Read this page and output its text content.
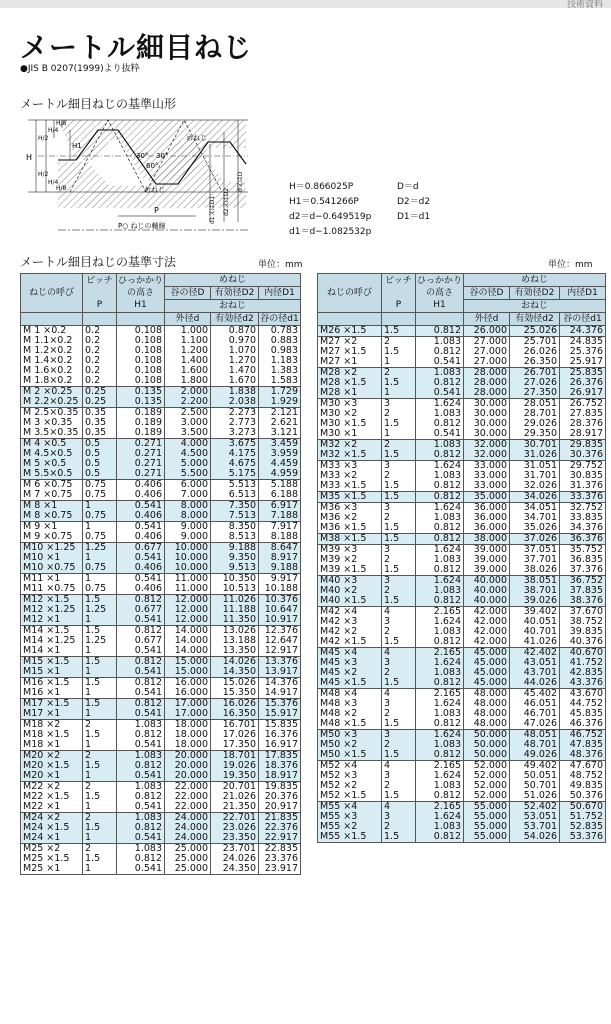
技術資料
メートル細目ねじ
●JIS B 0207(1999)より抜粋
メートル細目ねじの基準山形
H
H/2
H/2
H/4
H/8
H1
H/4
H/8
30° 30°
60°
めねじ
おねじ
P
P○ ねじの軸線
d1又はD1 d2又はD2
d又はD	H＝0.866025P	D＝d
H1＝0.541266P	D2＝d2
d2＝d−0.649519p	D1＝d1
d1＝d−1.082532p
メートル細目ねじの基準寸法	単位：mm	単位：mm
ねじの呼び	ピッチ

P	ひっかかり
の高さ
H1	めねじ		
			谷の径D	有効径D2	内径D1
			おねじ		
			外径d	有効径d2	谷の径d1
M 1 ×0.2	0.2	0.108	1.000	0.870	0.783
M 1.1×0.2	0.2	0.108	1.100	0.970	0.883
M 1.2×0.2	0.2	0.108	1.200	1.070	0.983
M 1.4×0.2	0.2	0.108	1.400	1.270	1.183
M 1.6×0.2	0.2	0.108	1.600	1.470	1.383
M 1.8×0.2	0.2	0.108	1.800	1.670	1.583
M 2 ×0.25	0.25	0.135	2.000	1.838	1.729
M 2.2×0.25	0.25	0.135	2.200	2.038	1.929
M 2.5×0.35	0.35	0.189	2.500	2.273	2.121
M 3 ×0.35	0.35	0.189	3.000	2.773	2.621
M 3.5×0.35	0.35	0.189	3.500	3.273	3.121
M 4 ×0.5	0.5	0.271	4.000	3.675	3.459
M 4.5×0.5	0.5	0.271	4.500	4.175	3.959
M 5 ×0.5	0.5	0.271	5.000	4.675	4.459
M 5.5×0.5	0.5	0.271	5.500	5.175	4.959
M 6 ×0.75	0.75	0.406	6.000	5.513	5.188
M 7 ×0.75	0.75	0.406	7.000	6.513	6.188
M 8 ×1	1	0.541	8.000	7.350	6.917
M 8 ×0.75	0.75	0.406	8.000	7.513	7.188
M 9 ×1	1	0.541	9.000	8.350	7.917
M 9 ×0.75	0.75	0.406	9.000	8.513	8.188
M10 ×1.25	1.25	0.677	10.000	9.188	8.647
M10 ×1	1	0.541	10.000	9.350	8.917
M10 ×0.75	0.75	0.406	10.000	9.513	9.188
M11 ×1	1	0.541	11.000	10.350	9.917
M11 ×0.75	0.75	0.406	11.000	10.513	10.188
M12 ×1.5	1.5	0.812	12.000	11.026	10.376
M12 ×1.25	1.25	0.677	12.000	11.188	10.647
M12 ×1	1	0.541	12.000	11.350	10.917
M14 ×1.5	1.5	0.812	14.000	13.026	12.376
M14 ×1.25	1.25	0.677	14.000	13.188	12.647
M14 ×1	1	0.541	14.000	13.350	12.917
M15 ×1.5	1.5	0.812	15.000	14.026	13.376
M15 ×1	1	0.541	15.000	14.350	13.917
M16 ×1.5	1.5	0.812	16.000	15.026	14.376
M16 ×1	1	0.541	16.000	15.350	14.917
M17 ×1.5	1.5	0.812	17.000	16.026	15.376
M17 ×1	1	0.541	17.000	16.350	15.917
M18 ×2	2	1.083	18.000	16.701	15.835
M18 ×1.5	1.5	0.812	18.000	17.026	16.376
M18 ×1	1	0.541	18.000	17.350	16.917
M20 ×2	2	1.083	20.000	18.701	17.835
M20 ×1.5	1.5	0.812	20.000	19.026	18.376
M20 ×1	1	0.541	20.000	19.350	18.917
M22 ×2	2	1.083	22.000	20.701	19.835
M22 ×1.5	1.5	0.812	22.000	21.026	20.376
M22 ×1	1	0.541	22.000	21.350	20.917
M24 ×2	2	1.083	24.000	22.701	21.835
M24 ×1.5	1.5	0.812	24.000	23.026	22.376
M24 ×1	1	0.541	24.000	23.350	22.917
M25 ×2	2	1.083	25.000	23.701	22.835
M25 ×1.5	1.5	0.812	25.000	24.026	23.376
M25 ×1	1	0.541	25.000	24.350	23.917
ねじの呼び	ピッチ

P	ひっかかり
の高さ
H1	めねじ		
			谷の径D	有効径D2	内径D1
			おねじ		
			外径d	有効径d2	谷の径d1
M26 ×1.5	1.5	0.812	26.000	25.026	24.376
M27 ×2	2	1.083	27.000	25.701	24.835
M27 ×1.5	1.5	0.812	27.000	26.026	25.376
M27 ×1	1	0.541	27.000	26.350	25.917
M28 ×2	2	1.083	28.000	26.701	25.835
M28 ×1.5	1.5	0.812	28.000	27.026	26.376
M28 ×1	1	0.541	28.000	27.350	26.917
M30 ×3	3	1.624	30.000	28.051	26.752
M30 ×2	2	1.083	30.000	28.701	27.835
M30 ×1.5	1.5	0.812	30.000	29.026	28.376
M30 ×1	1	0.541	30.000	29.350	28.917
M32 ×2	2	1.083	32.000	30.701	29.835
M32 ×1.5	1.5	0.812	32.000	31.026	30.376
M33 ×3	3	1.624	33.000	31.051	29.752
M33 ×2	2	1.083	33.000	31.701	30.835
M33 ×1.5	1.5	0.812	33.000	32.026	31.376
M35 ×1.5	1.5	0.812	35.000	34.026	33.376
M36 ×3	3	1.624	36.000	34.051	32.752
M36 ×2	2	1.083	36.000	34.701	33.835
M36 ×1.5	1.5	0.812	36.000	35.026	34.376
M38 ×1.5	1.5	0.812	38.000	37.026	36.376
M39 ×3	3	1.624	39.000	37.051	35.752
M39 ×2	2	1.083	39.000	37.701	36.835
M39 ×1.5	1.5	0.812	39.000	38.026	37.376
M40 ×3	3	1.624	40.000	38.051	36.752
M40 ×2	2	1.083	40.000	38.701	37.835
M40 ×1.5	1.5	0.812	40.000	39.026	38.376
M42 ×4	4	2.165	42.000	39.402	37.670
M42 ×3	3	1.624	42.000	40.051	38.752
M42 ×2	2	1.083	42.000	40.701	39.835
M42 ×1.5	1.5	0.812	42.000	41.026	40.376
M45 ×4	4	2.165	45.000	42.402	40.670
M45 ×3	3	1.624	45.000	43.051	41.752
M45 ×2	2	1.083	45.000	43.701	42.835
M45 ×1.5	1.5	0.812	45.000	44.026	43.376
M48 ×4	4	2.165	48.000	45.402	43.670
M48 ×3	3	1.624	48.000	46.051	44.752
M48 ×2	2	1.083	48.000	46.701	45.835
M48 ×1.5	1.5	0.812	48.000	47.026	46.376
M50 ×3	3	1.624	50.000	48.051	46.752
M50 ×2	2	1.083	50.000	48.701	47.835
M50 ×1.5	1.5	0.812	50.000	49.026	48.376
M52 ×4	4	2.165	52.000	49.402	47.670
M52 ×3	3	1.624	52.000	50.051	48.752
M52 ×2	2	1.083	52.000	50.701	49.835
M52 ×1.5	1.5	0.812	52.000	51.026	50.376
M55 ×4	4	2.165	55.000	52.402	50.670
M55 ×3	3	1.624	55.000	53.051	51.752
M55 ×2	2	1.083	55.000	53.701	52.835
M55 ×1.5	1.5	0.812	55.000	54.026	53.376
